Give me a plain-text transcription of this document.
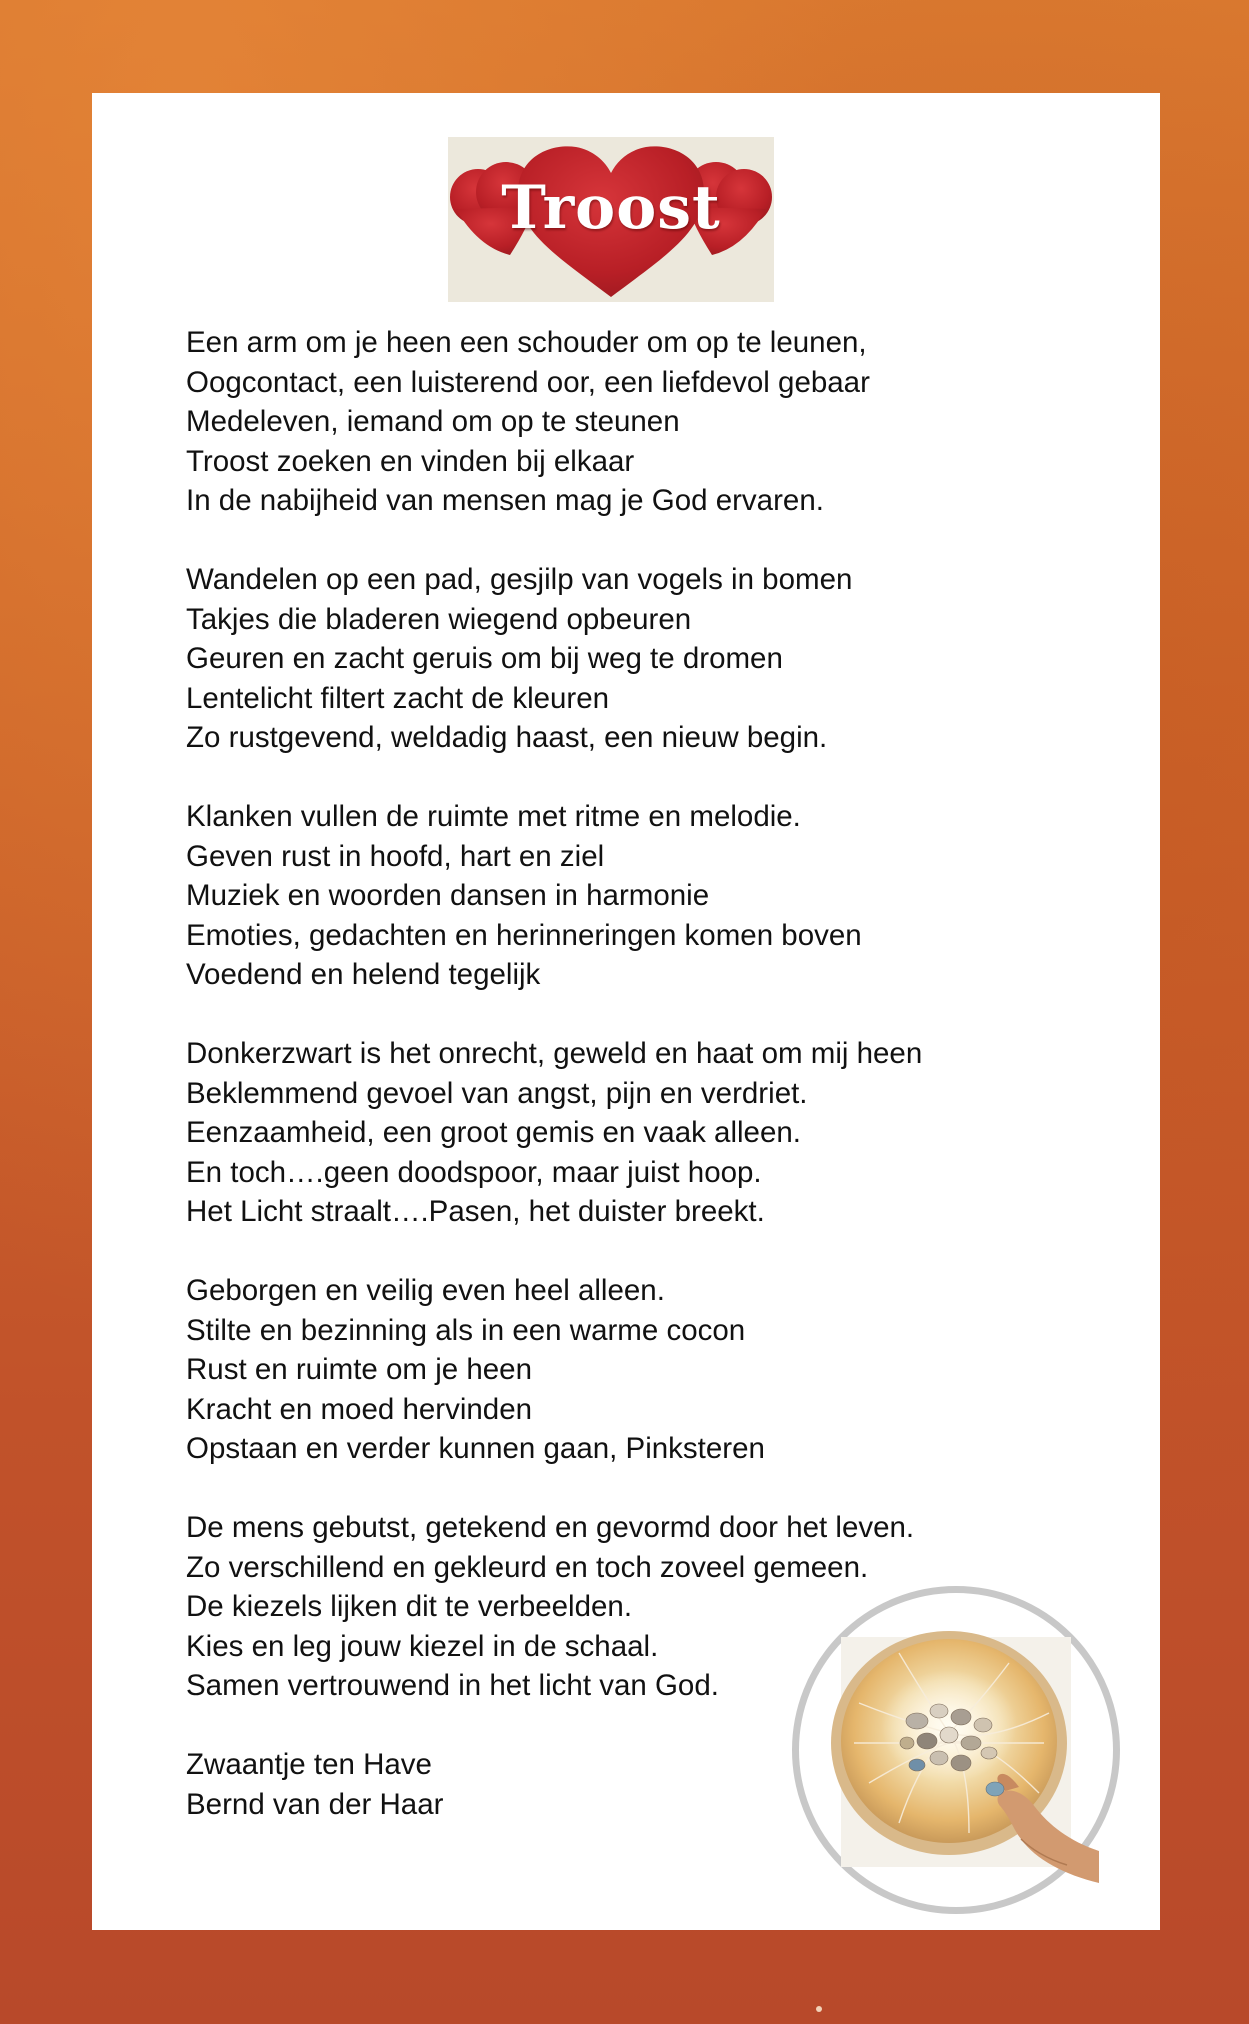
Troost
Een arm om je heen een schouder om op te leunen,
Oogcontact, een luisterend oor, een liefdevol gebaar
Medeleven, iemand om op te steunen
Troost zoeken en vinden bij elkaar
In de nabijheid van mensen mag je God ervaren.
Wandelen op een pad, gesjilp van vogels in bomen
Takjes die bladeren wiegend opbeuren
Geuren en zacht geruis om bij weg te dromen
Lentelicht filtert zacht de kleuren
Zo rustgevend, weldadig haast, een nieuw begin.
Klanken vullen de ruimte met ritme en melodie.
Geven rust in hoofd, hart en ziel
Muziek en woorden dansen in harmonie
Emoties, gedachten en herinneringen komen boven
Voedend en helend tegelijk
Donkerzwart is het onrecht, geweld en haat om mij heen
Beklemmend gevoel van angst, pijn en verdriet.
Eenzaamheid, een groot gemis en vaak alleen.
En toch….geen doodspoor, maar juist hoop.
Het Licht straalt….Pasen, het duister breekt.
Geborgen en veilig even heel alleen.
Stilte en bezinning als in een warme cocon
Rust en ruimte om je heen
Kracht en moed hervinden
Opstaan en verder kunnen gaan, Pinksteren
De mens gebutst, getekend en gevormd door het leven.
Zo verschillend en gekleurd en toch zoveel gemeen.
De kiezels lijken dit te verbeelden.
Kies en leg jouw kiezel in de schaal.
Samen vertrouwend in het licht van God.
Zwaantje ten Have
Bernd van der Haar
